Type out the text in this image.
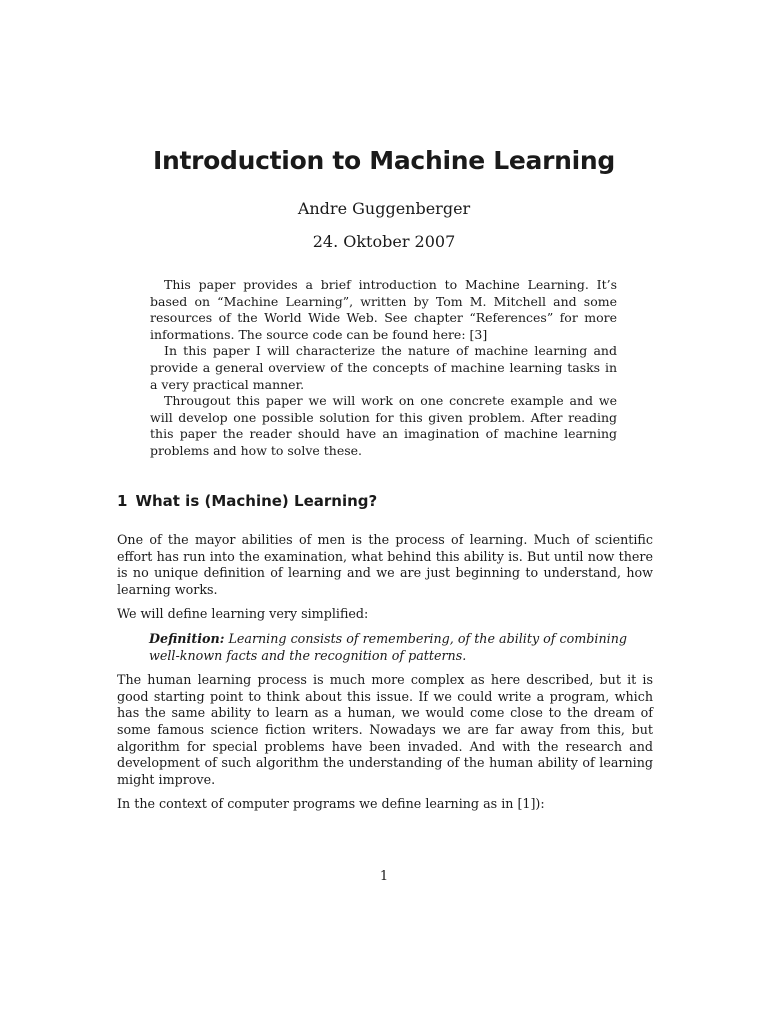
Introduction to Machine Learning
Andre Guggenberger
24. Oktober 2007

This paper provides a brief introduction to Machine Learning. It’s based on “Machine Learning”, written by Tom M. Mitchell and some resources of the World Wide Web. See chapter “References” for more informations. The source code can be found here: [3]

In this paper I will characterize the nature of machine learning and provide a general overview of the concepts of machine learning tasks in a very practical manner.

Througout this paper we will work on one concrete example and we will develop one possible solution for this given problem. After reading this paper the reader should have an imagination of machine learning problems and how to solve these.

1 What is (Machine) Learning?

One of the mayor abilities of men is the process of learning. Much of scientific effort has run into the examination, what behind this ability is. But until now there is no unique definition of learning and we are just beginning to understand, how learning works.

We will define learning very simplified:

Definition: Learning consists of remembering, of the ability of combining well-known facts and the recognition of patterns.

The human learning process is much more complex as here described, but it is good starting point to think about this issue. If we could write a program, which has the same ability to learn as a human, we would come close to the dream of some famous science fiction writers. Nowadays we are far away from this, but algorithm for special problems have been invaded. And with the research and development of such algorithm the understanding of the human ability of learning might improve.

In the context of computer programs we define learning as in [1]):

1
